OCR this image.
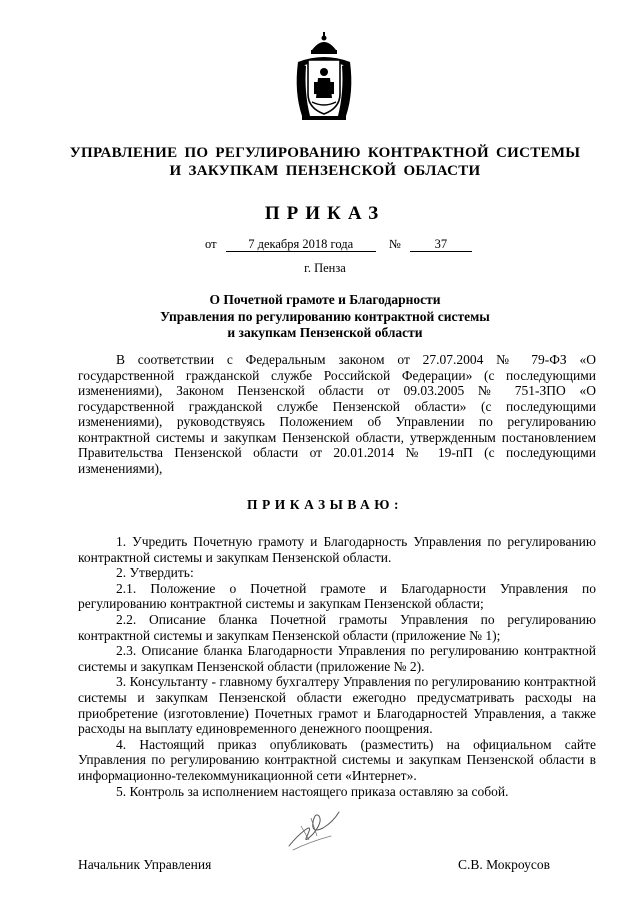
УПРАВЛЕНИЕ ПО РЕГУЛИРОВАНИЮ КОНТРАКТНОЙ СИСТЕМЫ
И ЗАКУПКАМ ПЕНЗЕНСКОЙ ОБЛАСТИ
ПРИКАЗ
от	7 декабря 2018 года	№	37
г. Пенза
О Почетной грамоте и Благодарности
Управления по регулированию контрактной системы
и закупкам Пензенской области
В соответствии с Федеральным законом от 27.07.2004 № 79-ФЗ «О государственной гражданской службе Российской Федерации» (с последующими изменениями), Законом Пензенской области от 09.03.2005 № 751-ЗПО «О государственной гражданской службе Пензенской области» (с последующими изменениями), руководствуясь Положением об Управлении по регулированию контрактной системы и закупкам Пензенской области, утвержденным постановлением Правительства Пензенской области от 20.01.2014 № 19-пП (с последующими изменениями),
ПРИКАЗЫВАЮ:

1. Учредить Почетную грамоту и Благодарность Управления по регулированию контрактной системы и закупкам Пензенской области.

2. Утвердить:

2.1. Положение о Почетной грамоте и Благодарности Управления по регулированию контрактной системы и закупкам Пензенской области;

2.2. Описание бланка Почетной грамоты Управления по регулированию контрактной системы и закупкам Пензенской области (приложение № 1);

2.3. Описание бланка Благодарности Управления по регулированию контрактной системы и закупкам Пензенской области (приложение № 2).

3. Консультанту - главному бухгалтеру Управления по регулированию контрактной системы и закупкам Пензенской области ежегодно предусматривать расходы на приобретение (изготовление) Почетных грамот и Благодарностей Управления, а также расходы на выплату единовременного денежного поощрения.

4. Настоящий приказ опубликовать (разместить) на официальном сайте Управления по регулированию контрактной системы и закупкам Пензенской области в информационно-телекоммуникационной сети «Интернет».

5. Контроль за исполнением настоящего приказа оставляю за собой.

Начальник Управления	С.В. Мокроусов
